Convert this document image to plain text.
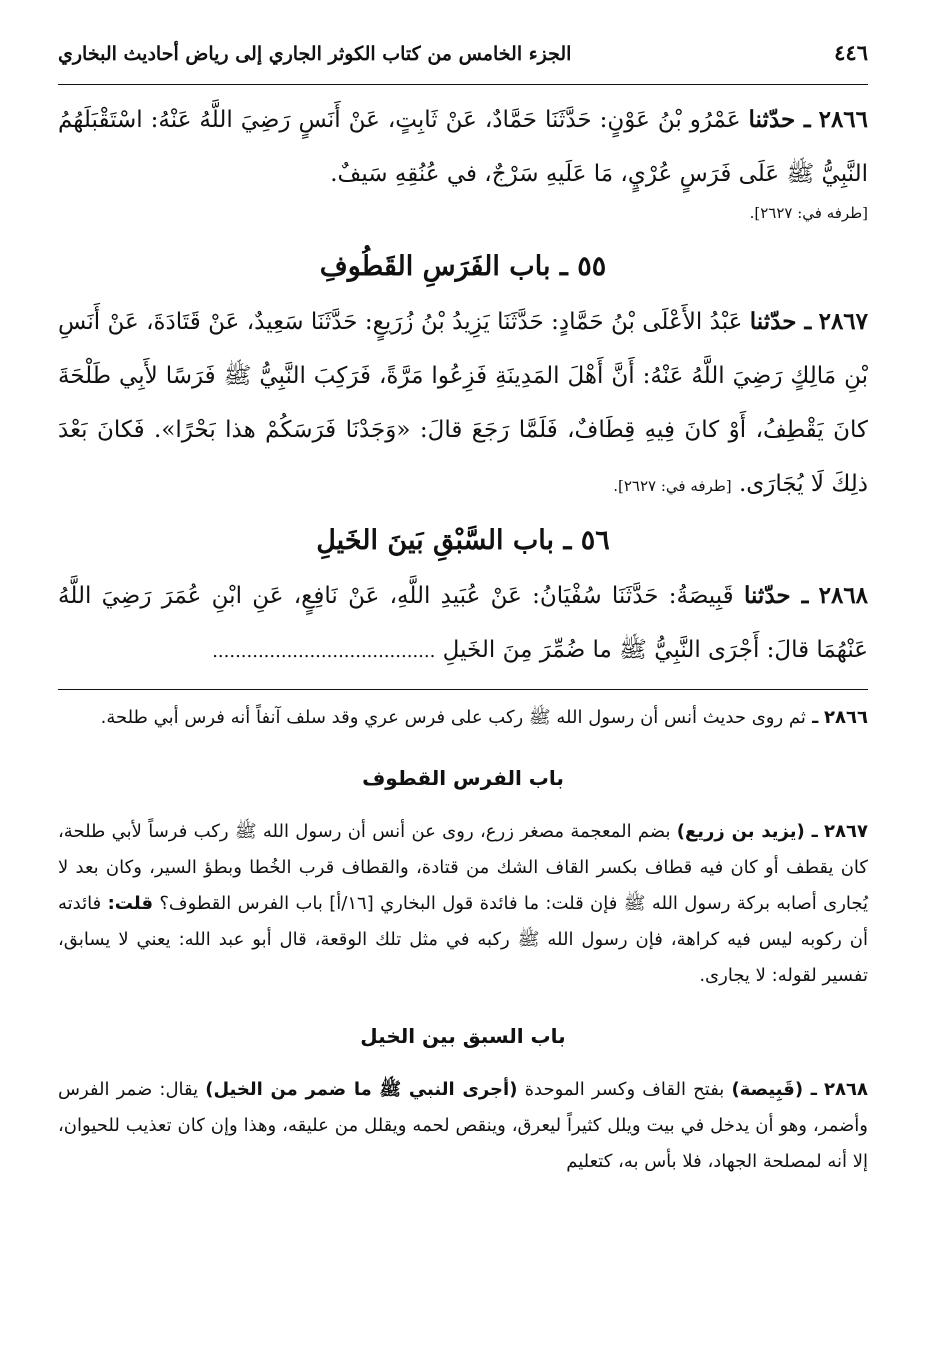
٤٤٦
الجزء الخامس من كتاب الكوثر الجاري إلى رياض أحاديث البخاري

٢٨٦٦ ـ حدّثنا عَمْرُو بْنُ عَوْنٍ: حَدَّثَنَا حَمَّادٌ، عَنْ ثَابِتٍ، عَنْ أَنَسٍ رَضِيَ اللَّهُ عَنْهُ: اسْتَقْبَلَهُمُ النَّبِيُّ ﷺ عَلَى فَرَسٍ عُرْيٍ، مَا عَلَيهِ سَرْجٌ، في عُنُقِهِ سَيفٌ.

[طرفه في: ٢٦٢٧].

٥٥ ـ باب الفَرَسِ القَطُوفِ

٢٨٦٧ ـ حدّثنا عَبْدُ الأَعْلَى بْنُ حَمَّادٍ: حَدَّثَنَا يَزِيدُ بْنُ زُرَيعٍ: حَدَّثَنَا سَعِيدٌ، عَنْ قَتَادَةَ، عَنْ أَنَسِ بْنِ مَالِكٍ رَضِيَ اللَّهُ عَنْهُ: أَنَّ أَهْلَ المَدِينَةِ فَزِعُوا مَرَّةً، فَرَكِبَ النَّبِيُّ ﷺ فَرَسًا لأَبِي طَلْحَةَ كانَ يَقْطِفُ، أَوْ كانَ فِيهِ قِطَافٌ، فَلَمَّا رَجَعَ قالَ: «وَجَدْنَا فَرَسَكُمْ هذا بَحْرًا». فَكانَ بَعْدَ ذلِكَ لَا يُجَارَى. [طرفه في: ٢٦٢٧].

٥٦ ـ باب السَّبْقِ بَينَ الخَيلِ

٢٨٦٨ ـ حدّثنا قَبِيصَةُ: حَدَّثَنَا سُفْيَانُ: عَنْ عُبَيدِ اللَّهِ، عَنْ نَافِعٍ، عَنِ ابْنِ عُمَرَ رَضِيَ اللَّهُ عَنْهُمَا قالَ: أَجْرَى النَّبِيُّ ﷺ ما ضُمِّرَ مِنَ الخَيلِ .......................................

٢٨٦٦ ـ ثم روى حديث أنس أن رسول الله ﷺ ركب على فرس عري وقد سلف آنفاً أنه فرس أبي طلحة.

باب الفرس القطوف

٢٨٦٧ ـ (يزيد بن زريع) بضم المعجمة مصغر زرع، روى عن أنس أن رسول الله ﷺ ركب فرساً لأبي طلحة، كان يقطف أو كان فيه قطاف بكسر القاف الشك من قتادة، والقطاف قرب الخُطا وبطؤ السير، وكان بعد لا يُجارى أصابه بركة رسول الله ﷺ فإن قلت: ما فائدة قول البخاري [١٦/أ] باب الفرس القطوف؟ قلت: فائدته أن ركوبه ليس فيه كراهة، فإن رسول الله ﷺ ركبه في مثل تلك الوقعة، قال أبو عبد الله: يعني لا يسابق، تفسير لقوله: لا يجارى.

باب السبق بين الخيل

٢٨٦٨ ـ (قَبِيصة) بفتح القاف وكسر الموحدة (أجرى النبي ﷺ ما ضمر من الخيل) يقال: ضمر الفرس وأضمر، وهو أن يدخل في بيت ويلل كثيراً ليعرق، وينقص لحمه ويقلل من عليقه، وهذا وإن كان تعذيب للحيوان، إلا أنه لمصلحة الجهاد، فلا بأس به، كتعليم
